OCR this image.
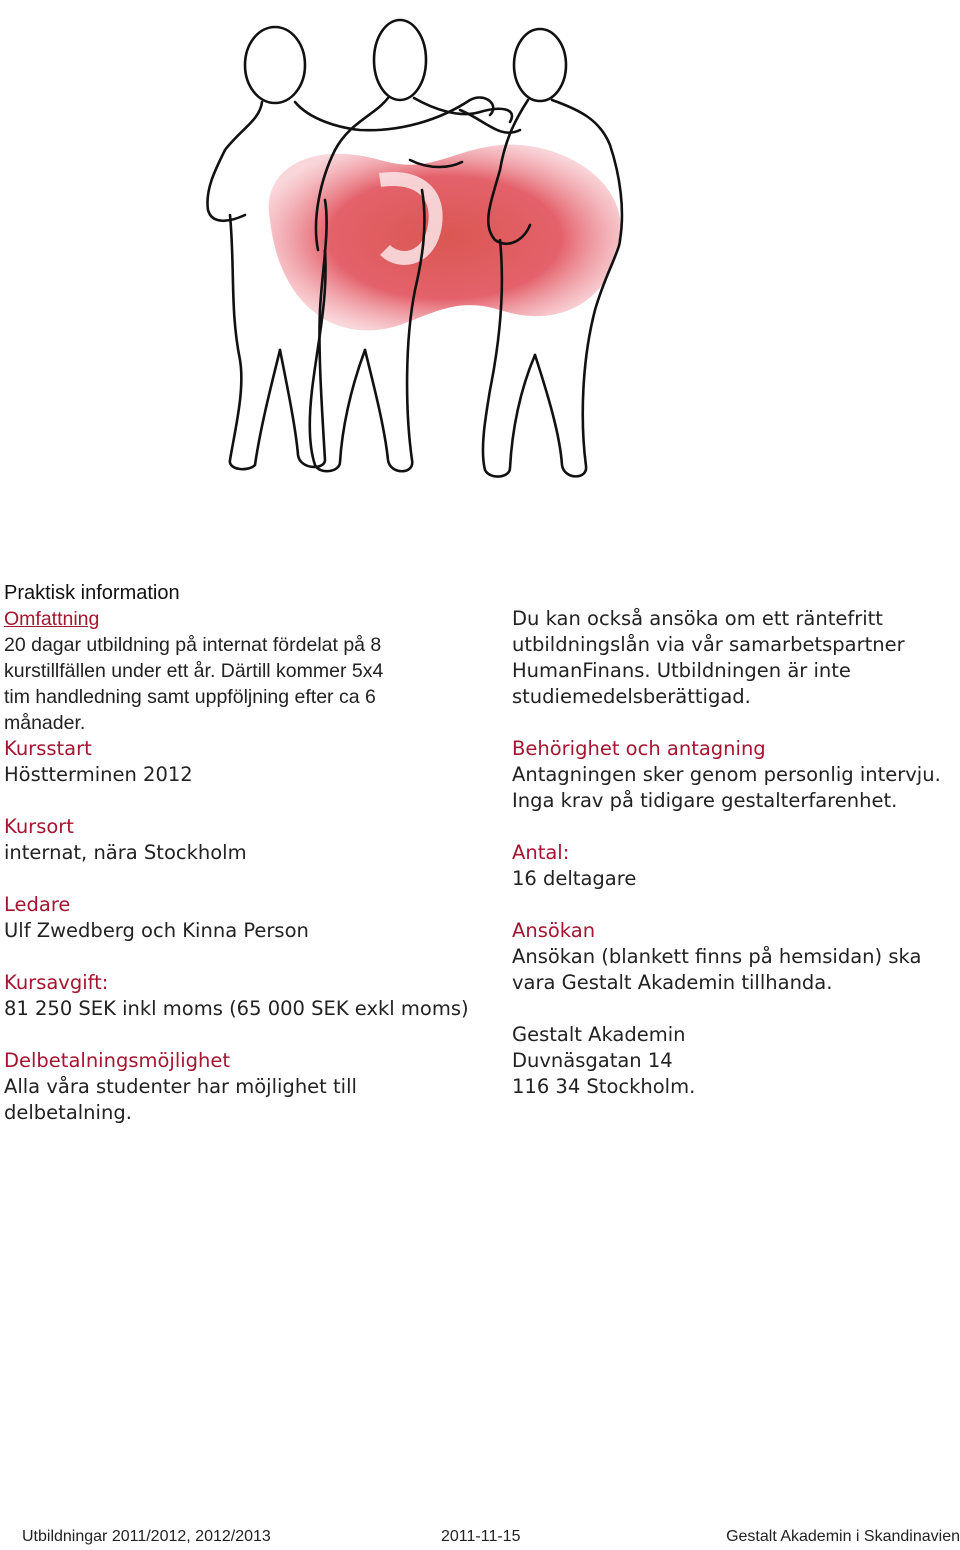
Praktisk information

Omfattning

20 dagar utbildning på internat fördelat på 8

kurstillfällen under ett år. Därtill kommer 5x4

tim handledning samt uppföljning efter ca 6

månader.

Kursstart

Höstterminen 2012

Kursort

internat, nära Stockholm

Ledare

Ulf Zwedberg och Kinna Person

Kursavgift:

81 250 SEK inkl moms (65 000 SEK exkl moms)

Delbetalningsmöjlighet

Alla våra studenter har möjlighet till delbetalning.

Du kan också ansöka om ett räntefritt

utbildningslån via vår samarbetspartner

HumanFinans. Utbildningen är inte

studiemedelsberättigad.

Behörighet och antagning

Antagningen sker genom personlig intervju.

Inga krav på tidigare gestalterfarenhet.

Antal:

16 deltagare

Ansökan

Ansökan (blankett finns på hemsidan) ska

vara Gestalt Akademin tillhanda.

Gestalt Akademin

Duvnäsgatan 14

116 34 Stockholm.

Utbildningar 2011/2012, 2012/2013	2011-11-15	Gestalt Akademin i Skandinavien
